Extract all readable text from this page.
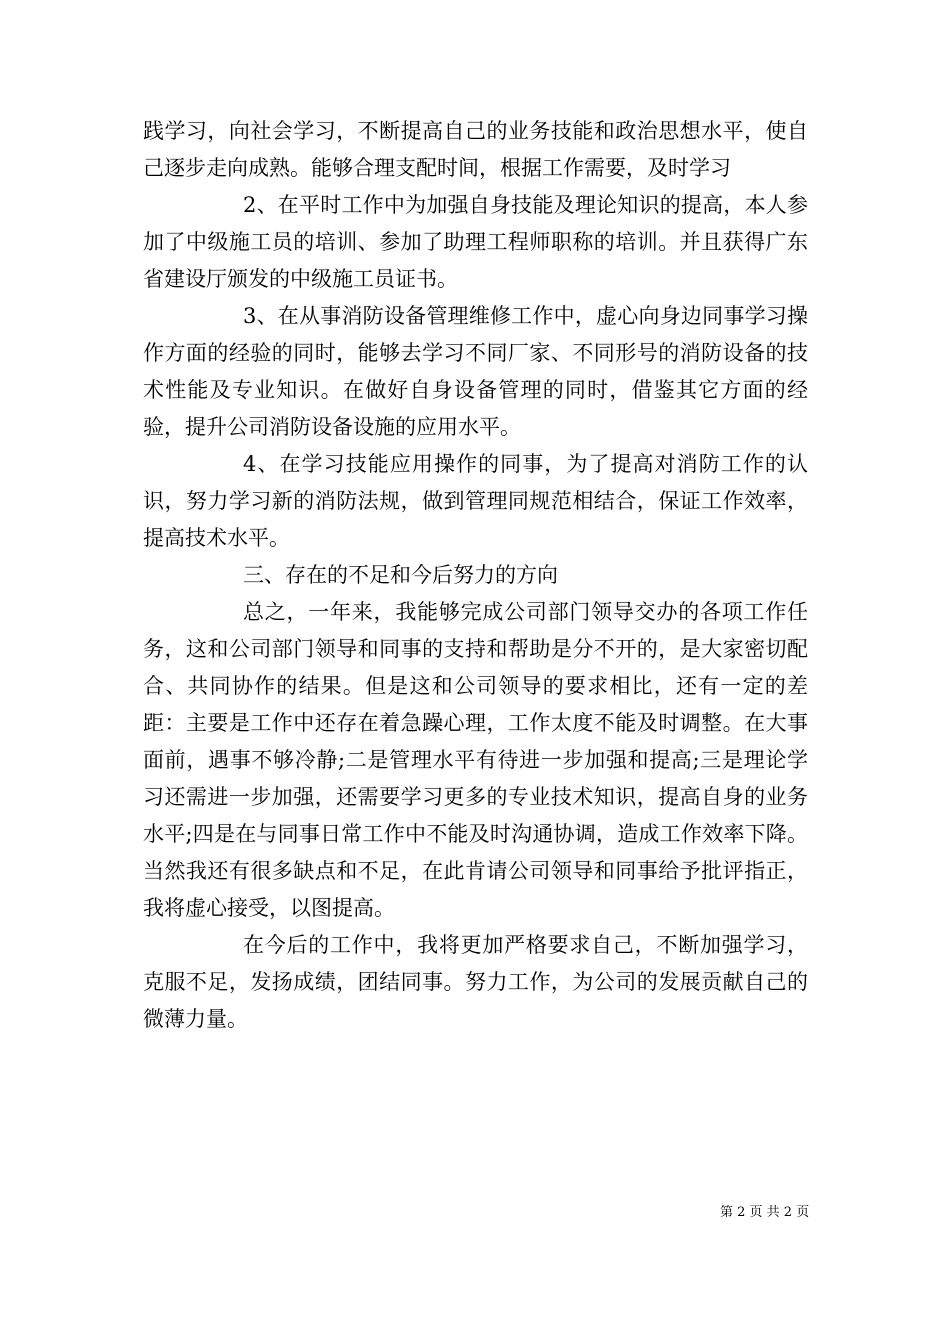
践学习，向社会学习，不断提高自己的业务技能和政治思想水平，使自己逐步走向成熟。能够合理支配时间，根据工作需要，及时学习

2、在平时工作中为加强自身技能及理论知识的提高，本人参加了中级施工员的培训、参加了助理工程师职称的培训。并且获得广东省建设厅颁发的中级施工员证书。

3、在从事消防设备管理维修工作中，虚心向身边同事学习操作方面的经验的同时，能够去学习不同厂家、不同形号的消防设备的技术性能及专业知识。在做好自身设备管理的同时，借鉴其它方面的经验，提升公司消防设备设施的应用水平。

4、在学习技能应用操作的同事，为了提高对消防工作的认识，努力学习新的消防法规，做到管理同规范相结合，保证工作效率，提高技术水平。

三、存在的不足和今后努力的方向

总之，一年来，我能够完成公司部门领导交办的各项工作任务，这和公司部门领导和同事的支持和帮助是分不开的，是大家密切配合、共同协作的结果。但是这和公司领导的要求相比，还有一定的差距：主要是工作中还存在着急躁心理，工作太度不能及时调整。在大事面前，遇事不够冷静;二是管理水平有待进一步加强和提高;三是理论学习还需进一步加强，还需要学习更多的专业技术知识，提高自身的业务水平;四是在与同事日常工作中不能及时沟通协调，造成工作效率下降。当然我还有很多缺点和不足，在此肯请公司领导和同事给予批评指正，我将虚心接受，以图提高。

在今后的工作中，我将更加严格要求自己，不断加强学习，克服不足，发扬成绩，团结同事。努力工作，为公司的发展贡献自己的微薄力量。

第 2 页 共 2 页
